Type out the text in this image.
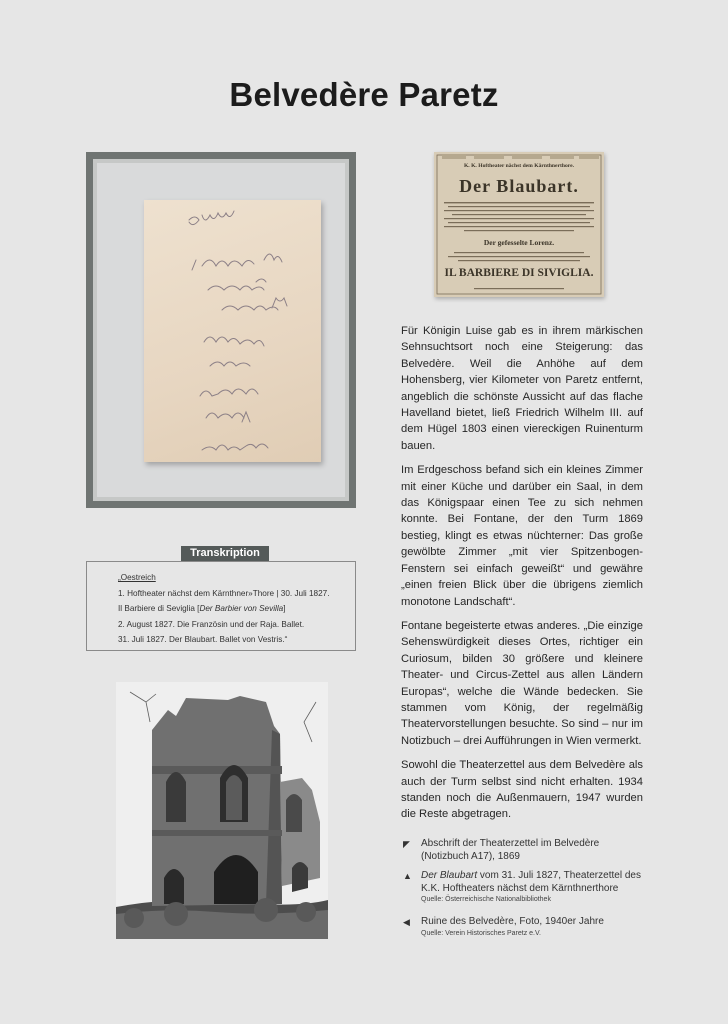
Belvedère Paretz
K. K. Hoftheater nächst dem Kärnthnerthore.
Der Blaubart.
Der gefesselte Lorenz.
IL BARBIERE DI SIVIGLIA.
Transkription
„Oestreich
1. Hoftheater nächst dem Kärnthner»Thore | 30. Juli 1827.
Il Barbiere di Seviglia [Der Barbier von Sevilla]
2. August 1827. Die Französin und der Raja. Ballet.
31. Juli 1827. Der Blaubart. Ballet von Vestris.“

Für Königin Luise gab es in ihrem märkischen Sehnsuchtsort noch eine Steigerung: das Belvedère. Weil die Anhöhe auf dem Hohensberg, vier Kilometer von Paretz entfernt, angeblich die schönste Aussicht auf das flache Havelland bietet, ließ Friedrich Wilhelm III. auf dem Hügel 1803 einen viereckigen Ruinenturm bauen.

Im Erdgeschoss befand sich ein kleines Zimmer mit einer Küche und darüber ein Saal, in dem das Königspaar einen Tee zu sich nehmen konnte. Bei Fontane, der den Turm 1869 bestieg, klingt es etwas nüchterner: Das große gewölbte Zimmer „mit vier Spitzenbogen-Fenstern sei einfach geweißt“ und gewähre „einen freien Blick über die übrigens ziemlich monotone Landschaft“.

Fontane begeisterte etwas anderes. „Die einzige Sehenswürdigkeit dieses Ortes, richtiger ein Curiosum, bilden 30 größere und kleinere Theater- und Circus-Zettel aus allen Ländern Europas“, welche die Wände bedecken. Sie stammen vom König, der regelmäßig Theatervorstellungen besuchte. So sind – nur im Notizbuch – drei Aufführungen in Wien vermerkt.

Sowohl die Theaterzettel aus dem Belvedère als auch der Turm selbst sind nicht erhalten. 1934 standen noch die Außenmauern, 1947 wurden die Reste abgetragen.

◤	Abschrift der Theaterzettel im Belvedère (Notizbuch A17), 1869
▲ Der Blaubart vom 31. Juli 1827, Theaterzettel des K.K. Hoftheaters nächst dem Kärnthnerthore
Quelle: Österreichische Nationalbibliothek
◀	Ruine des Belvedère, Foto, 1940er Jahre
Quelle: Verein Historisches Paretz e.V.
